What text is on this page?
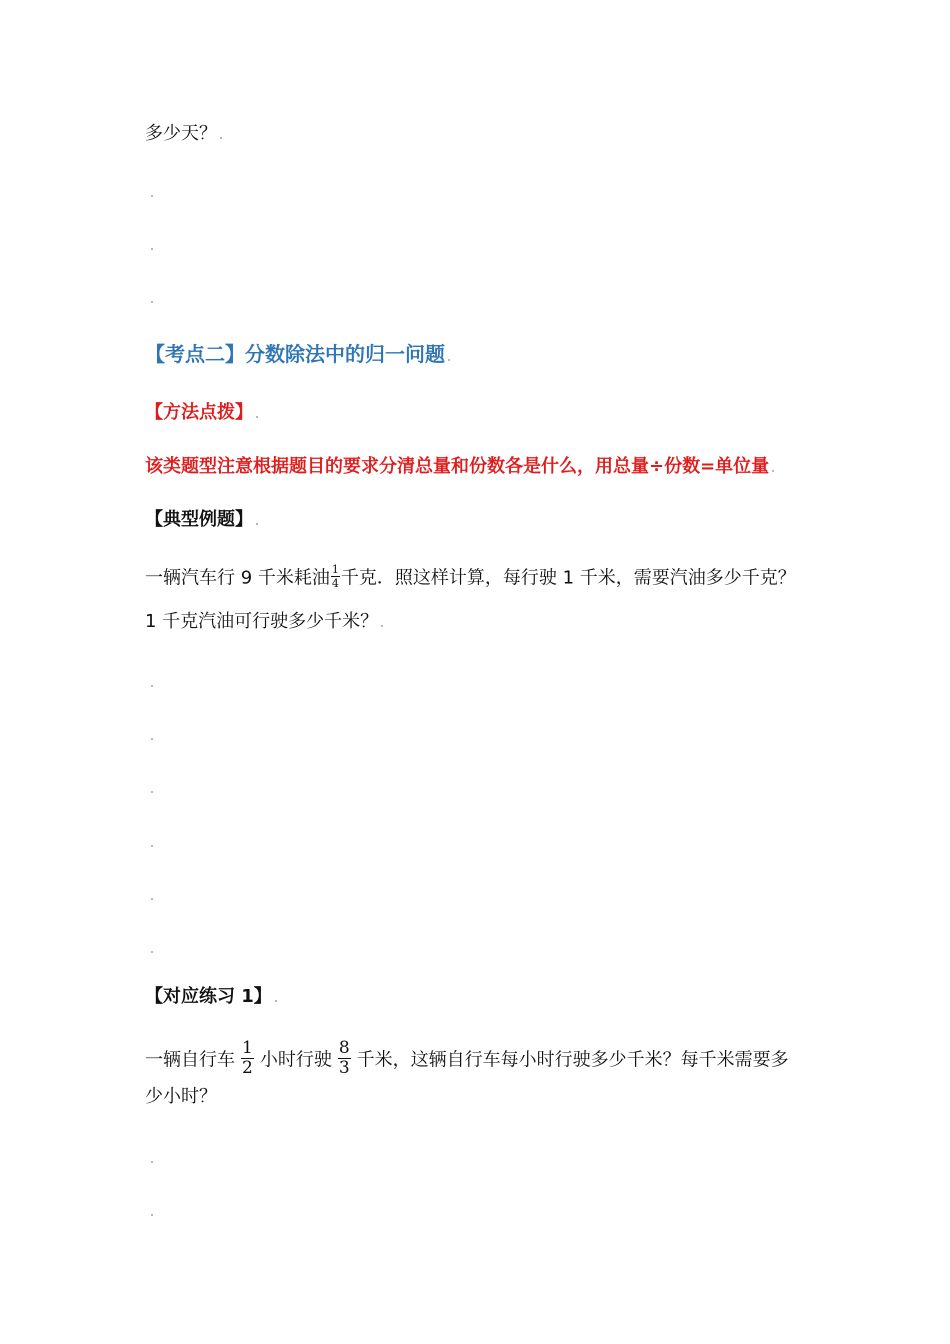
多少天？
【考点二】分数除法中的归一问题
【方法点拨】
该类题型注意根据题目的要求分清总量和份数各是什么，用总量÷份数=单位量
【典型例题】
一辆汽车行 9 千米耗油 $\frac{1}{4}$ 千克．照这样计算，每行驶 1 千米，需要汽油多少千克？
1 千克汽油可行驶多少千米？
【对应练习 1】
一辆自行车 $\frac{1}{2}$ 小时行驶 $\frac{8}{3}$ 千米，这辆自行车每小时行驶多少千米？每千米需要多
少小时？
